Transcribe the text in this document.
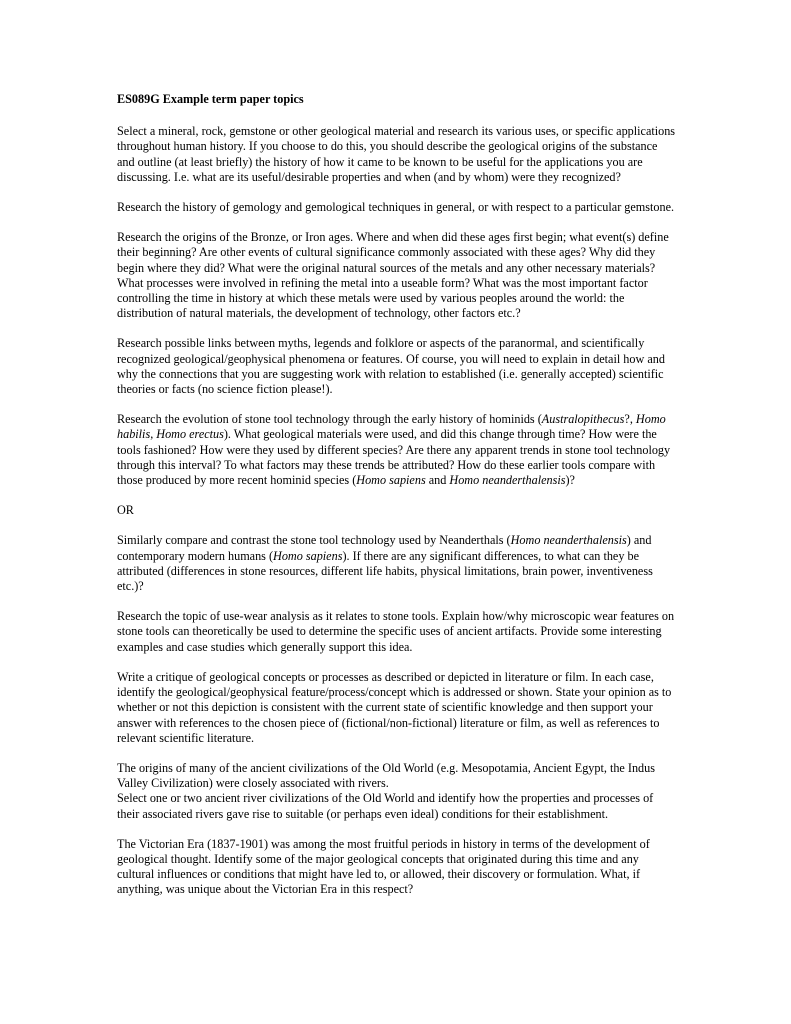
ES089G Example term paper topics
Select a mineral, rock, gemstone or other geological material and research its various uses, or specific applications throughout human history. If you choose to do this, you should describe the geological origins of the substance and outline (at least briefly) the history of how it came to be known to be useful for the applications you are discussing. I.e. what are its useful/desirable properties and when (and by whom) were they recognized?
Research the history of gemology and gemological techniques in general, or with respect to a particular gemstone.
Research the origins of the Bronze, or Iron ages. Where and when did these ages first begin; what event(s) define their beginning? Are other events of cultural significance commonly associated with these ages? Why did they begin where they did? What were the original natural sources of the metals and any other necessary materials? What processes were involved in refining the metal into a useable form? What was the most important factor controlling the time in history at which these metals were used by various peoples around the world: the distribution of natural materials, the development of technology, other factors etc.?
Research possible links between myths, legends and folklore or aspects of the paranormal, and scientifically recognized geological/geophysical phenomena or features. Of course, you will need to explain in detail how and why the connections that you are suggesting work with relation to established (i.e. generally accepted) scientific theories or facts (no science fiction please!).
Research the evolution of stone tool technology through the early history of hominids (Australopithecus?, Homo habilis, Homo erectus). What geological materials were used, and did this change through time? How were the tools fashioned? How were they used by different species? Are there any apparent trends in stone tool technology through this interval? To what factors may these trends be attributed? How do these earlier tools compare with those produced by more recent hominid species (Homo sapiens and Homo neanderthalensis)?
OR
Similarly compare and contrast the stone tool technology used by Neanderthals (Homo neanderthalensis) and contemporary modern humans (Homo sapiens). If there are any significant differences, to what can they be attributed (differences in stone resources, different life habits, physical limitations, brain power, inventiveness etc.)?
Research the topic of use-wear analysis as it relates to stone tools. Explain how/why microscopic wear features on stone tools can theoretically be used to determine the specific uses of ancient artifacts. Provide some interesting examples and case studies which generally support this idea.
Write a critique of geological concepts or processes as described or depicted in literature or film. In each case, identify the geological/geophysical feature/process/concept which is addressed or shown. State your opinion as to whether or not this depiction is consistent with the current state of scientific knowledge and then support your answer with references to the chosen piece of (fictional/non-fictional) literature or film, as well as references to relevant scientific literature.
The origins of many of the ancient civilizations of the Old World (e.g. Mesopotamia, Ancient Egypt, the Indus Valley Civilization) were closely associated with rivers.
Select one or two ancient river civilizations of the Old World and identify how the properties and processes of their associated rivers gave rise to suitable (or perhaps even ideal) conditions for their establishment.
The Victorian Era (1837-1901) was among the most fruitful periods in history in terms of the development of geological thought. Identify some of the major geological concepts that originated during this time and any cultural influences or conditions that might have led to, or allowed, their discovery or formulation. What, if anything, was unique about the Victorian Era in this respect?
